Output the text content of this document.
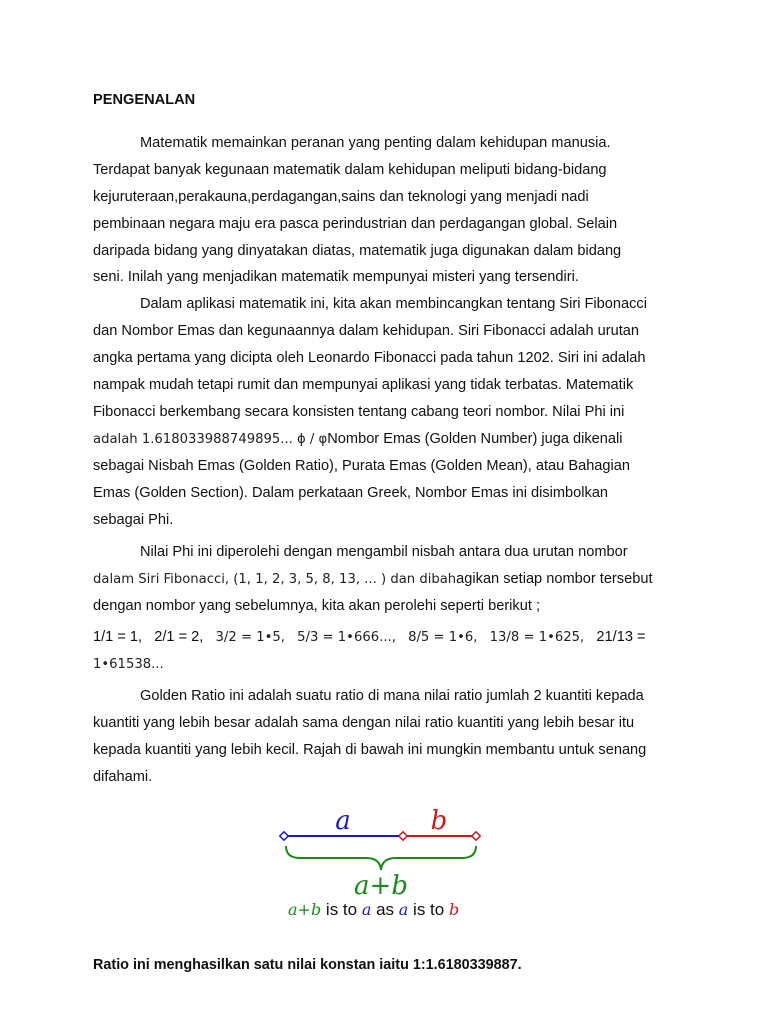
PENGENALAN
Matematik memainkan peranan yang penting dalam kehidupan manusia.
Terdapat banyak kegunaan matematik dalam kehidupan meliputi bidang-bidang
kejuruteraan,perakauna,perdagangan,sains dan teknologi yang menjadi nadi
pembinaan negara maju era pasca perindustrian dan perdagangan global. Selain
daripada bidang yang dinyatakan diatas, matematik juga digunakan dalam bidang
seni. Inilah yang menjadikan matematik mempunyai misteri yang tersendiri.
Dalam aplikasi matematik ini, kita akan membincangkan tentang Siri Fibonacci
dan Nombor Emas dan kegunaannya dalam kehidupan. Siri Fibonacci adalah urutan
angka pertama yang dicipta oleh Leonardo Fibonacci pada tahun 1202. Siri ini adalah
nampak mudah tetapi rumit dan mempunyai aplikasi yang tidak terbatas. Matematik
Fibonacci berkembang secara konsisten tentang cabang teori nombor. Nilai Phi ini
adalah 1.618033988749895... ϕ / φNombor Emas (Golden Number) juga dikenali
sebagai Nisbah Emas (Golden Ratio), Purata Emas (Golden Mean), atau Bahagian
Emas (Golden Section). Dalam perkataan Greek, Nombor Emas ini disimbolkan
sebagai Phi.
Nilai Phi ini diperolehi dengan mengambil nisbah antara dua urutan nombor
dalam Siri Fibonacci, (1, 1, 2, 3, 5, 8, 13, ... ) dan dibahagikan setiap nombor tersebut
dengan nombor yang sebelumnya, kita akan perolehi seperti berikut ;
1/1 = 1, 2/1 = 2, 3/2 = 1•5, 5/3 = 1•666..., 8/5 = 1•6, 13/8 = 1•625, 21/13 =
1•61538...
Golden Ratio ini adalah suatu ratio di mana nilai ratio jumlah 2 kuantiti kepada
kuantiti yang lebih besar adalah sama dengan nilai ratio kuantiti yang lebih besar itu
kepada kuantiti yang lebih kecil. Rajah di bawah ini mungkin membantu untuk senang
difahami.
a	b
a+b
a+b is to a as a is to b
Ratio ini menghasilkan satu nilai konstan iaitu 1:1.6180339887.
